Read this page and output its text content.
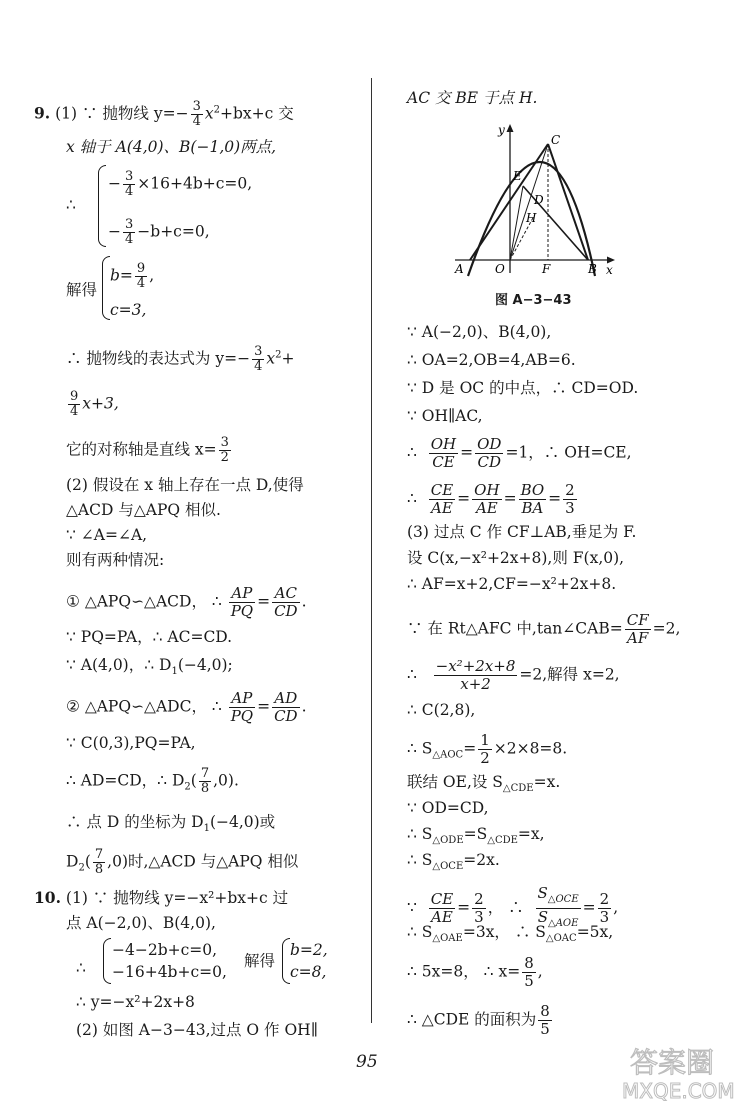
9. (1) ∵ 抛物线 $y=- \frac{3}{4} x^2+bx+c$ 交
x 轴于 A(4,0)、B(−1,0)两点,
∴
− $\frac{3}{4} \times 16+4b+c=0$,
− $\frac{3}{4} -b+c=0$,
解得
$b= \frac{9}{4}$ ,
c=3,
∴ 抛物线的表达式为 $y=- \frac{3}{4} x^2+$
$\frac{9}{4} x+3$,
它的对称轴是直线 $x= \frac{3}{2}$
(2) 假设在 x 轴上存在一点 D,使得
△ACD 与△APQ 相似.
∵ ∠A=∠A,
则有两种情况:
① △APQ∽△ACD， ∴ $\frac{AP}{PQ} = \frac{AC}{CD}$ .
∵ PQ=PA，∴ AC=CD.
∵ A(4,0)，∴ $D_1(-4,0)$;
② △APQ∽△ADC， ∴ $\frac{AP}{PQ} = \frac{AD}{CD}$ .
∵ C(0,3),PQ=PA,
∴ AD=CD，∴ $D_2( \frac{7}{8} ,0)$.
∴ 点 D 的坐标为 $D_1(-4,0)$或
$D_2( \frac{7}{8} ,0)$时,△ACD 与△APQ 相似
10. (1) ∵ 抛物线 y=−x²+bx+c 过
点 A(−2,0)、B(4,0),
∴
−4−2b+c=0,
−16+4b+c=0,
解得
b=2,
c=8,
∴ y=−x²+2x+8
(2) 如图 A−3−43,过点 O 作 OH∥
AC 交 BE 于点 H.
y
x
C
E
D
H
A	O	F	B
图 A−3−43
∵ A(−2,0)、B(4,0),
∴ OA=2,OB=4,AB=6.
∵ D 是 OC 的中点，∴ CD=OD.
∵ OH∥AC,
∴ $\frac{OH}{CE} = \frac{OD}{CD} =1$，∴ OH=CE,
∴ $\frac{CE}{AE} = \frac{OH}{AE} = \frac{BO}{BA} = \frac{2}{3}$
(3) 过点 C 作 CF⊥AB,垂足为 F.
设 C(x,−x²+2x+8),则 F(x,0),
∴ AF=x+2,CF=−x²+2x+8.
∵ 在 Rt△AFC 中,tan∠CAB= $\frac{CF}{AF} =2$,
∴ $\frac{\text{−x²+2x+8}}{x+2} =2$,解得 x=2,
∴ C(2,8),
∴ $S_{\triangle AOC}= \frac{1}{2} \times 2\times 8=8$.
联结 OE,设 $S_{\triangle CDE}=x$.
∵ OD=CD,
∴ $S_{\triangle ODE}=S_{\triangle CDE}=x$,
∴ $S_{\triangle OCE}=2x$.
∵ $\frac{CE}{AE} = \frac{2}{3}$ ， ∴ $\frac{S_{\triangle OCE}}{S_{\triangle AOE}} = \frac{2}{3}$ ,
∴ $S_{\triangle OAE}=3x$， ∴ $S_{\triangle OAC}=5x$,
∴ 5x=8， ∴ $x= \frac{8}{5}$ ,
∴ △CDE 的面积为 $\frac{8}{5}$
95	答案圈
MXQE.COM
